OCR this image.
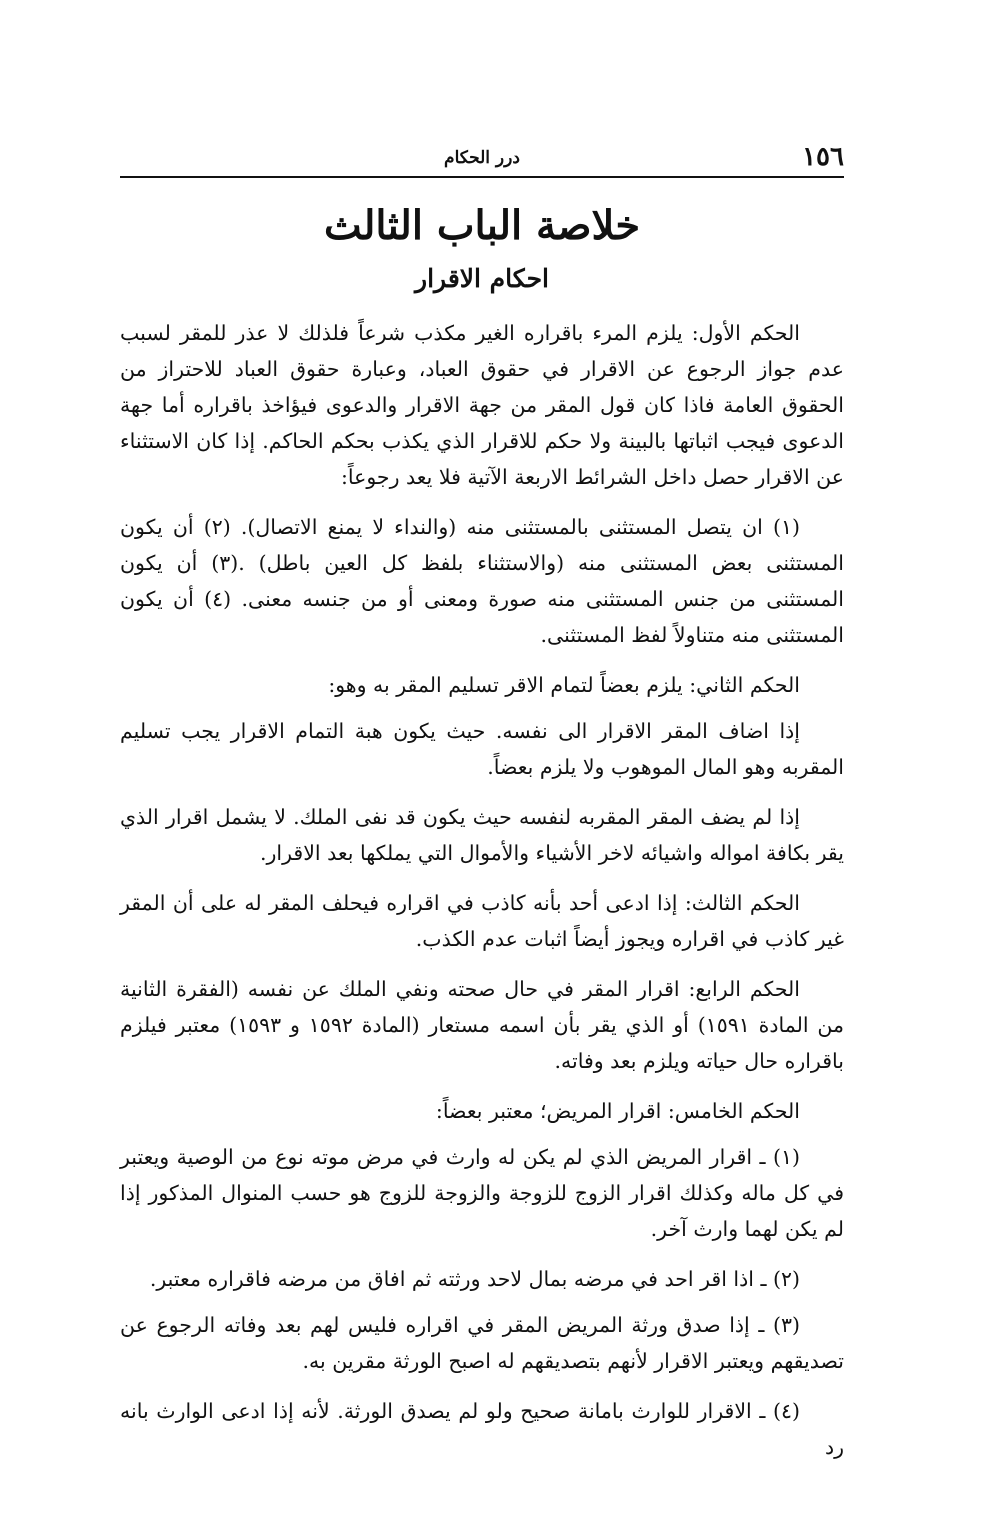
١٥٦
درر الحكام
خلاصة الباب الثالث
احكام الاقرار

الحكم الأول: يلزم المرء باقراره الغير مكذب شرعاً فلذلك لا عذر للمقر لسبب عدم جواز الرجوع عن الاقرار في حقوق العباد، وعبارة حقوق العباد للاحتراز من الحقوق العامة فاذا كان قول المقر من جهة الاقرار والدعوى فيؤاخذ باقراره أما جهة الدعوى فيجب اثباتها بالبينة ولا حكم للاقرار الذي يكذب بحكم الحاكم. إذا كان الاستثناء عن الاقرار حصل داخل الشرائط الاربعة الآتية فلا يعد رجوعاً:

(١) ان يتصل المستثنى بالمستثنى منه (والنداء لا يمنع الاتصال). (٢) أن يكون المستثنى بعض المستثنى منه (والاستثناء بلفظ كل العين باطل) .(٣) أن يكون المستثنى من جنس المستثنى منه صورة ومعنى أو من جنسه معنى. (٤) أن يكون المستثنى منه متناولاً لفظ المستثنى.

الحكم الثاني: يلزم بعضاً لتمام الاقر تسليم المقر به وهو:

إذا اضاف المقر الاقرار الى نفسه. حيث يكون هبة التمام الاقرار يجب تسليم المقربه وهو المال الموهوب ولا يلزم بعضاً.

إذا لم يضف المقر المقربه لنفسه حيث يكون قد نفى الملك. لا يشمل اقرار الذي يقر بكافة امواله واشيائه لاخر الأشياء والأموال التي يملكها بعد الاقرار.

الحكم الثالث: إذا ادعى أحد بأنه كاذب في اقراره فيحلف المقر له على أن المقر غير كاذب في اقراره ويجوز أيضاً اثبات عدم الكذب.

الحكم الرابع: اقرار المقر في حال صحته ونفي الملك عن نفسه (الفقرة الثانية من المادة ١٥٩١) أو الذي يقر بأن اسمه مستعار (المادة ١٥٩٢ و ١٥٩٣) معتبر فيلزم باقراره حال حياته ويلزم بعد وفاته.

الحكم الخامس: اقرار المريض؛ معتبر بعضاً:

(١) ـ اقرار المريض الذي لم يكن له وارث في مرض موته نوع من الوصية ويعتبر في كل ماله وكذلك اقرار الزوج للزوجة والزوجة للزوج هو حسب المنوال المذكور إذا لم يكن لهما وارث آخر.

(٢) ـ اذا اقر احد في مرضه بمال لاحد ورثته ثم افاق من مرضه فاقراره معتبر.

(٣) ـ إذا صدق ورثة المريض المقر في اقراره فليس لهم بعد وفاته الرجوع عن تصديقهم ويعتبر الاقرار لأنهم بتصديقهم له اصبح الورثة مقرين به.

(٤) ـ الاقرار للوارث بامانة صحيح ولو لم يصدق الورثة. لأنه إذا ادعى الوارث بانه رد
